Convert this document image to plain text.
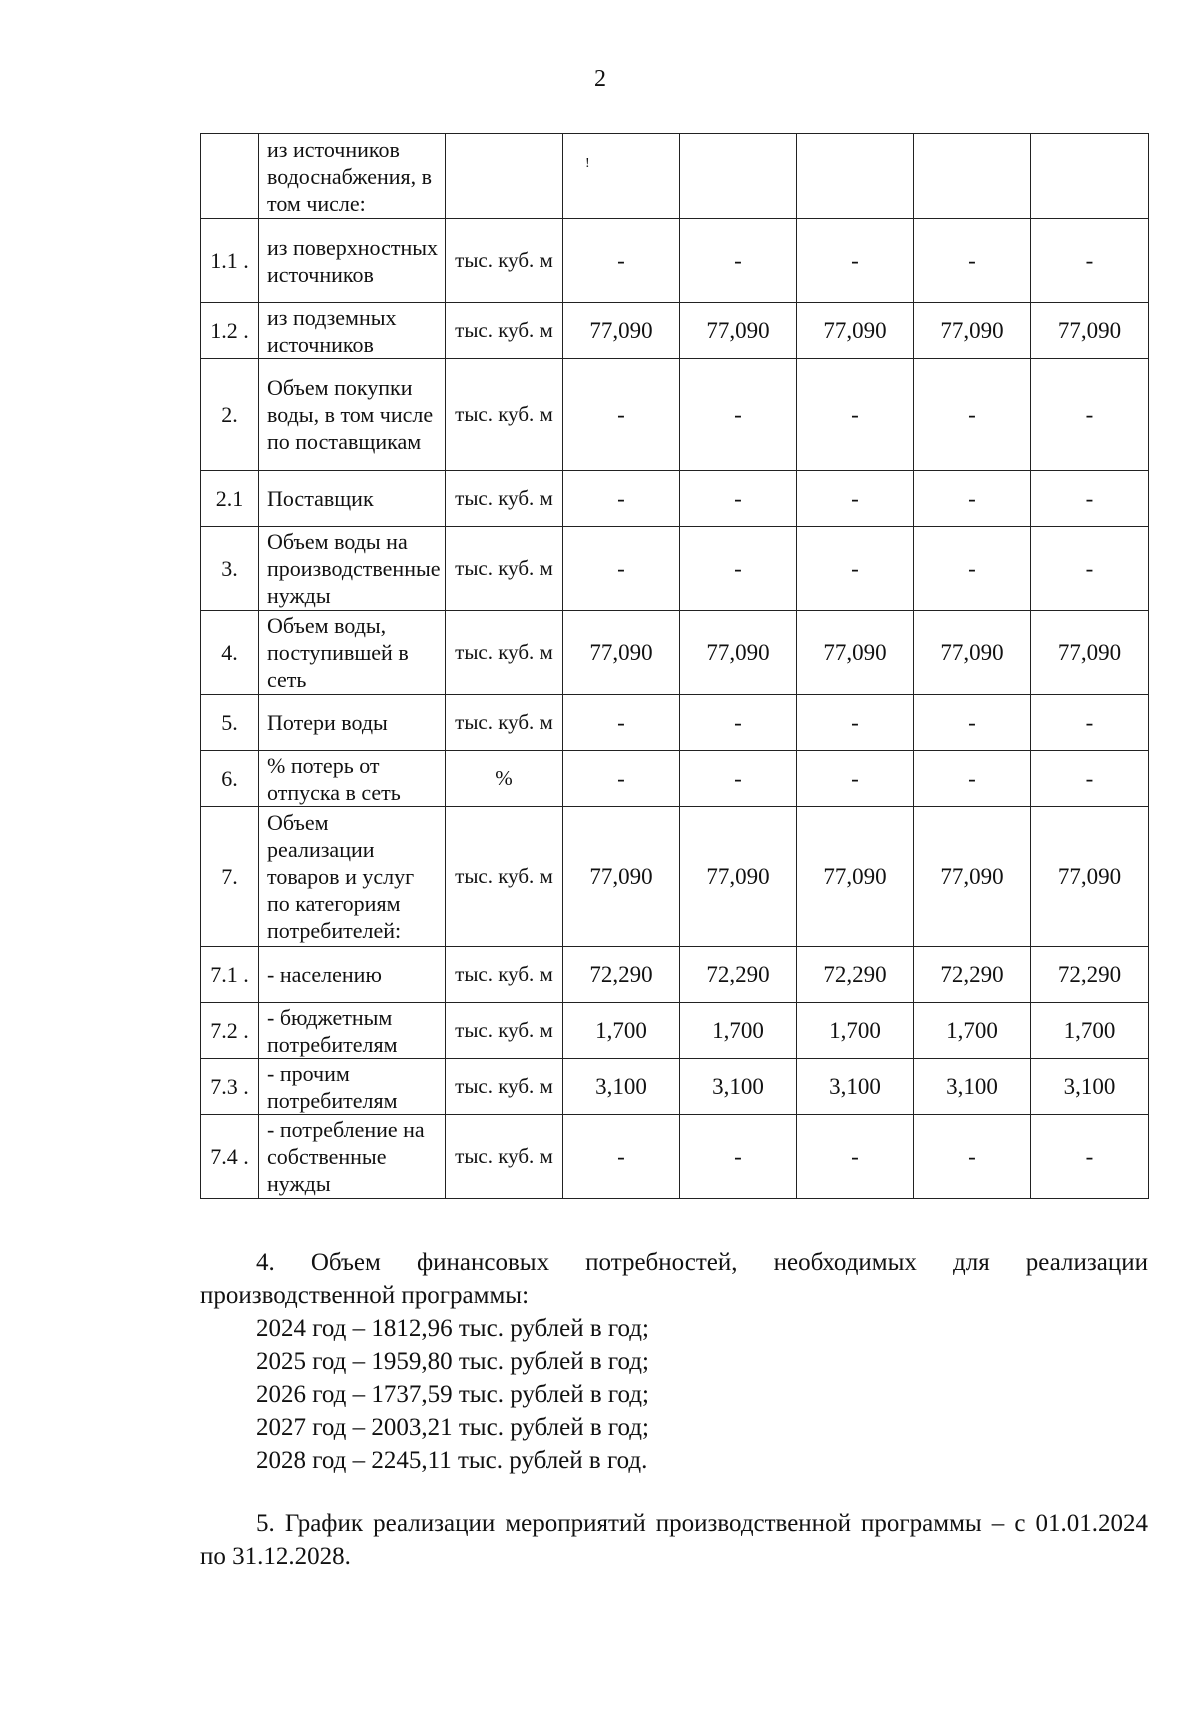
2
	из источников водоснабжения, в том числе:		!				
1.1 .	из поверхностных источников	тыс. куб. м	-	-	-	-	-
1.2 .	из подземных источников	тыс. куб. м	77,090	77,090	77,090	77,090	77,090
2.	Объем покупки воды, в том числе по поставщикам	тыс. куб. м	-	-	-	-	-
2.1	Поставщик	тыс. куб. м	-	-	-	-	-
3.	Объем воды на производственные нужды	тыс. куб. м	-	-	-	-	-
4.	Объем воды, поступившей в сеть	тыс. куб. м	77,090	77,090	77,090	77,090	77,090
5.	Потери воды	тыс. куб. м	-	-	-	-	-
6.	% потерь от отпуска в сеть	%	-	-	-	-	-
7.	Объем реализации товаров и услуг по категориям потребителей:	тыс. куб. м	77,090	77,090	77,090	77,090	77,090
7.1 .	- населению	тыс. куб. м	72,290	72,290	72,290	72,290	72,290
7.2 .	- бюджетным потребителям	тыс. куб. м	1,700	1,700	1,700	1,700	1,700
7.3 .	- прочим потребителям	тыс. куб. м	3,100	3,100	3,100	3,100	3,100
7.4 .	- потребление на собственные нужды	тыс. куб. м	-	-	-	-	-
4. Объем финансовых потребностей, необходимых для реализации производственной программы:
2024 год – 1812,96 тыс. рублей в год;
2025 год – 1959,80 тыс. рублей в год;
2026 год – 1737,59 тыс. рублей в год;
2027 год – 2003,21 тыс. рублей в год;
2028 год – 2245,11 тыс. рублей в год.
5. График реализации мероприятий производственной программы – с 01.01.2024 по 31.12.2028.
